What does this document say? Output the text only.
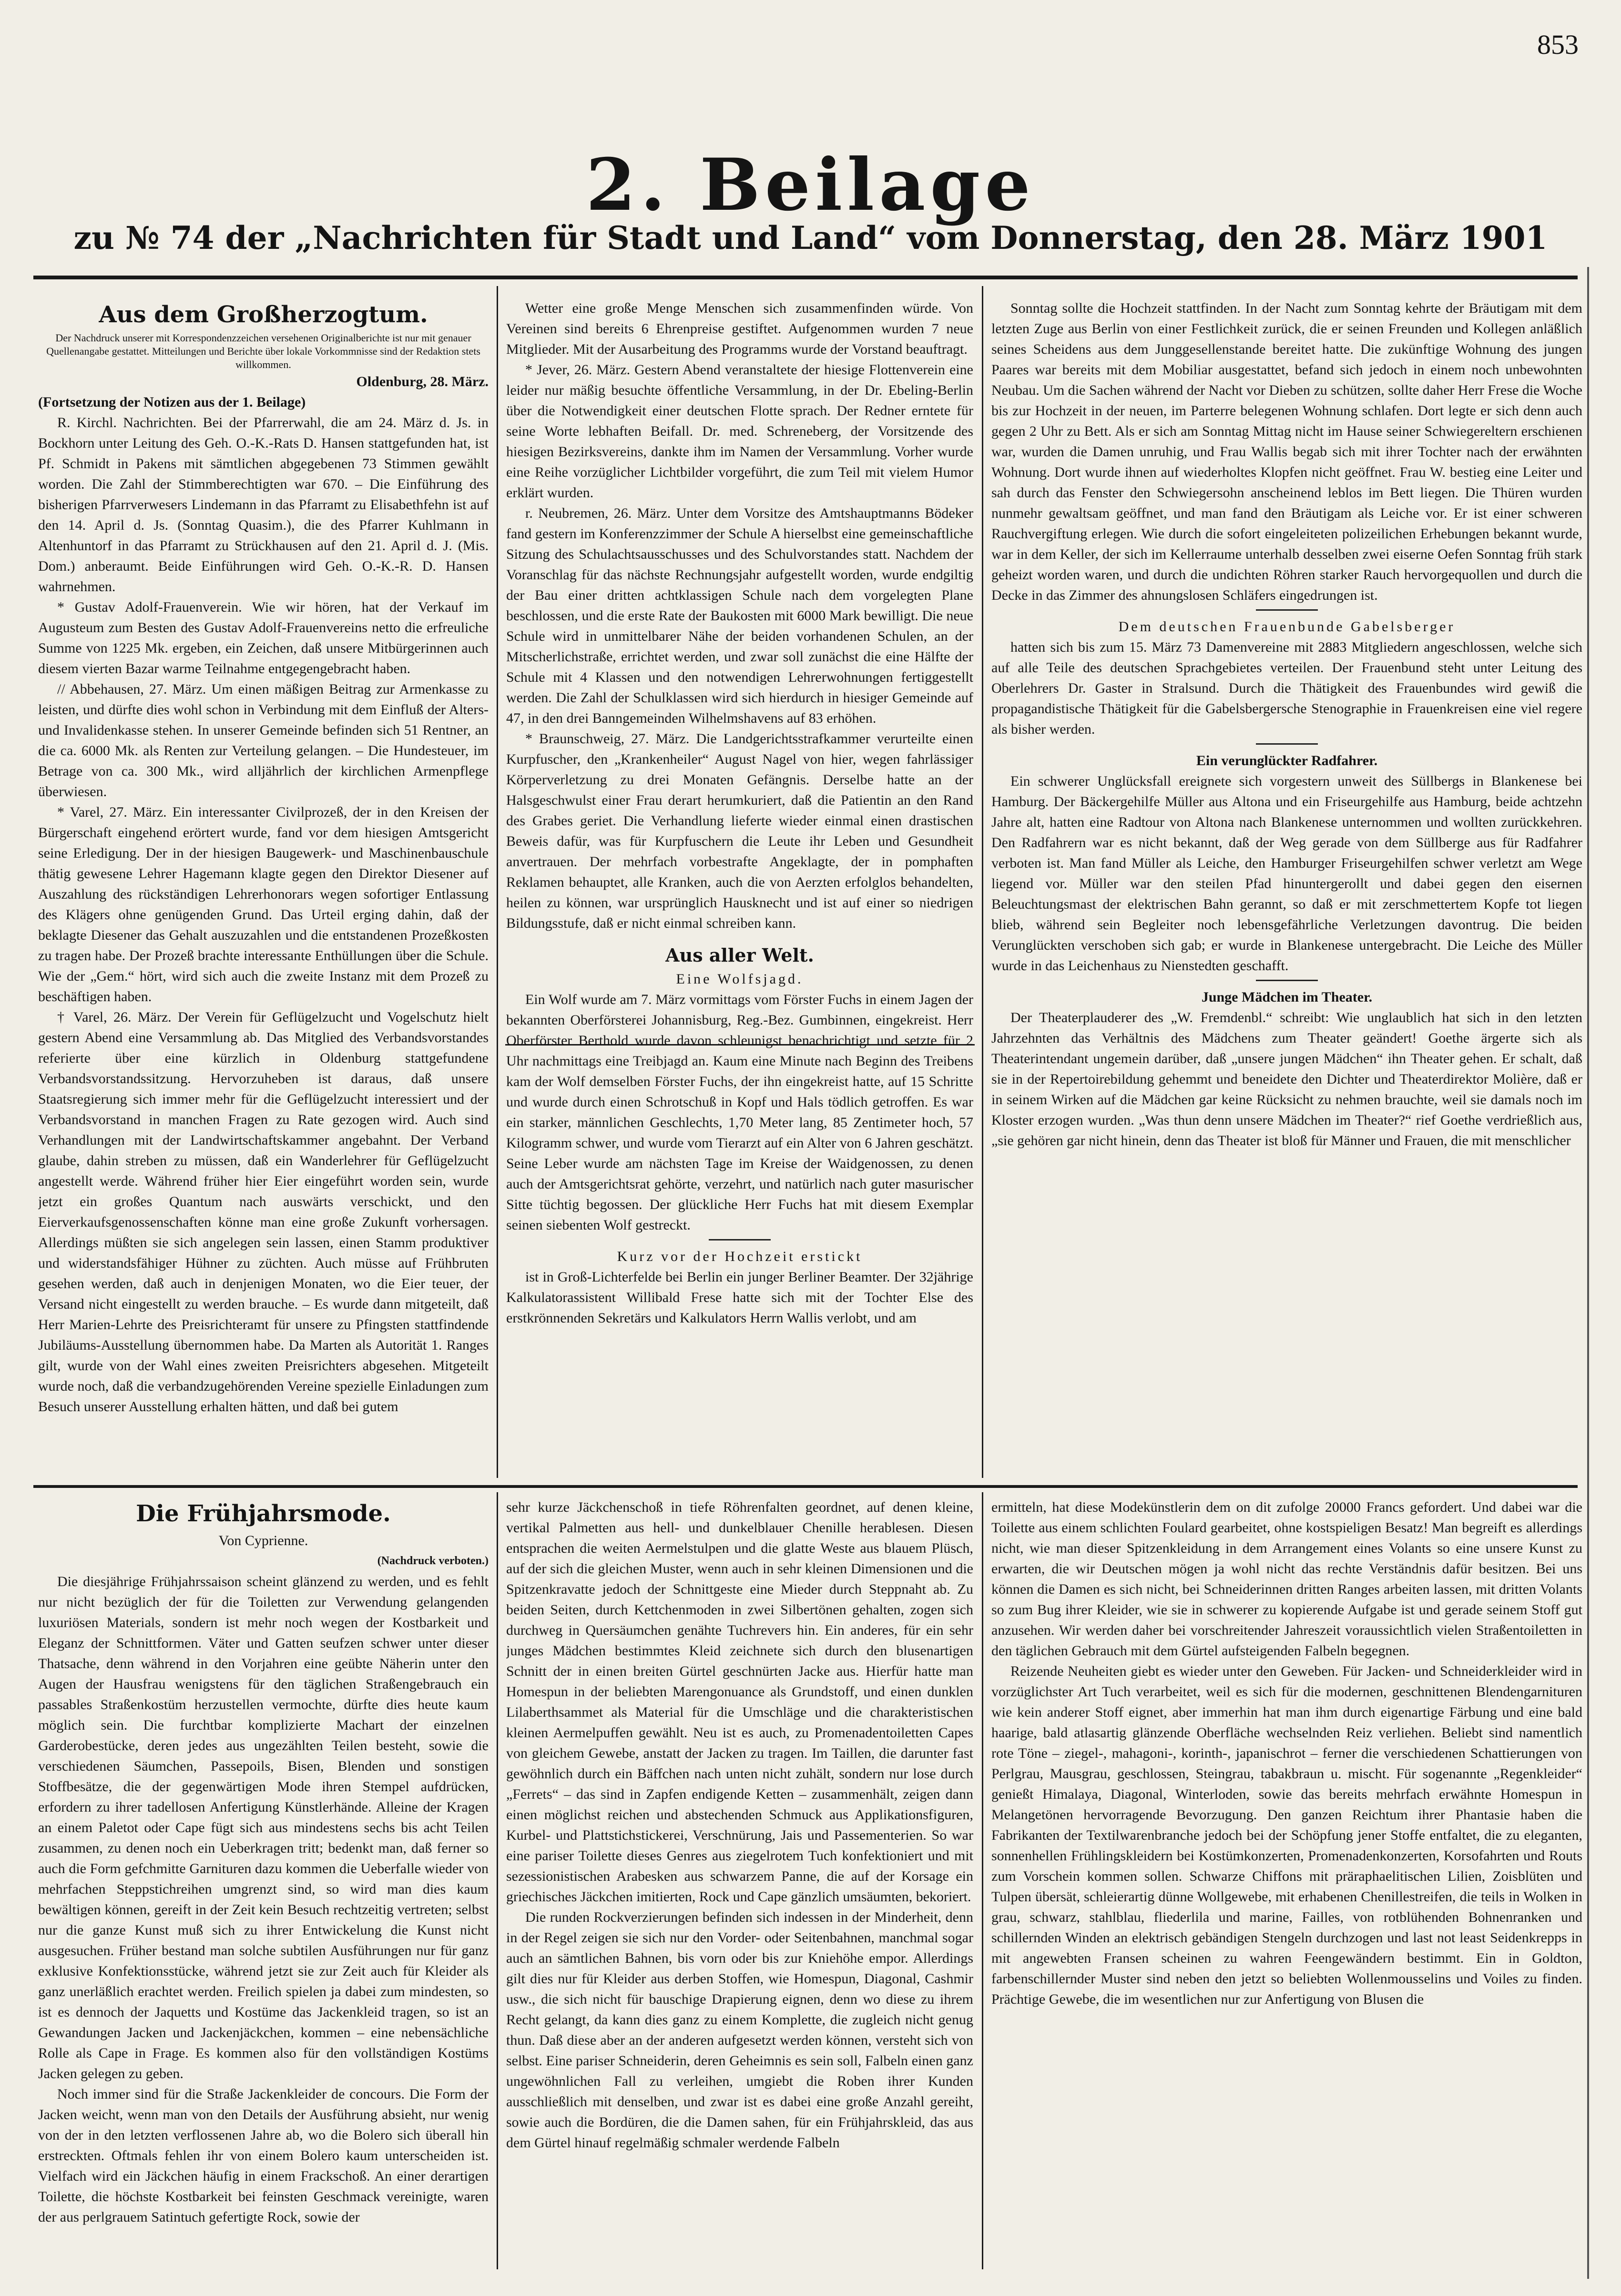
853
2. Beilage
zu № 74 der „Nachrichten für Stadt und Land“ vom Donnerstag, den 28. März 1901
Aus dem Großherzogtum.
Der Nachdruck unserer mit Korrespondenzzeichen versehenen Originalberichte ist nur mit genauer Quellenangabe gestattet. Mitteilungen und Berichte über lokale Vorkommnisse sind der Redaktion stets willkommen.
Oldenburg, 28. März.
(Fortsetzung der Notizen aus der 1. Beilage)

R. Kirchl. Nachrichten. Bei der Pfarrerwahl, die am 24. März d. Js. in Bockhorn unter Leitung des Geh. O.-K.-Rats D. Hansen stattgefunden hat, ist Pf. Schmidt in Pakens mit sämtlichen abgegebenen 73 Stimmen gewählt worden. Die Zahl der Stimmberechtigten war 670. – Die Einführung des bisherigen Pfarrverwesers Lindemann in das Pfarramt zu Elisabethfehn ist auf den 14. April d. Js. (Sonntag Quasim.), die des Pfarrer Kuhlmann in Altenhuntorf in das Pfarramt zu Strückhausen auf den 21. April d. J. (Mis. Dom.) anberaumt. Beide Einführungen wird Geh. O.-K.-R. D. Hansen wahrnehmen.

* Gustav Adolf-Frauenverein. Wie wir hören, hat der Verkauf im Augusteum zum Besten des Gustav Adolf-Frauenvereins netto die erfreuliche Summe von 1225 Mk. ergeben, ein Zeichen, daß unsere Mitbürgerinnen auch diesem vierten Bazar warme Teilnahme entgegengebracht haben.

// Abbehausen, 27. März. Um einen mäßigen Beitrag zur Armenkasse zu leisten, und dürfte dies wohl schon in Verbindung mit dem Einfluß der Alters- und Invalidenkasse stehen. In unserer Gemeinde befinden sich 51 Rentner, an die ca. 6000 Mk. als Renten zur Verteilung gelangen. – Die Hundesteuer, im Betrage von ca. 300 Mk., wird alljährlich der kirchlichen Armenpflege überwiesen.

* Varel, 27. März. Ein interessanter Civilprozeß, der in den Kreisen der Bürgerschaft eingehend erörtert wurde, fand vor dem hiesigen Amtsgericht seine Erledigung. Der in der hiesigen Baugewerk- und Maschinenbauschule thätig gewesene Lehrer Hagemann klagte gegen den Direktor Diesener auf Auszahlung des rückständigen Lehrerhonorars wegen sofortiger Entlassung des Klägers ohne genügenden Grund. Das Urteil erging dahin, daß der beklagte Diesener das Gehalt auszuzahlen und die entstandenen Prozeßkosten zu tragen habe. Der Prozeß brachte interessante Enthüllungen über die Schule. Wie der „Gem.“ hört, wird sich auch die zweite Instanz mit dem Prozeß zu beschäftigen haben.

† Varel, 26. März. Der Verein für Geflügelzucht und Vogelschutz hielt gestern Abend eine Versammlung ab. Das Mitglied des Verbandsvorstandes referierte über eine kürzlich in Oldenburg stattgefundene Verbandsvorstandssitzung. Hervorzuheben ist daraus, daß unsere Staatsregierung sich immer mehr für die Geflügelzucht interessiert und der Verbandsvorstand in manchen Fragen zu Rate gezogen wird. Auch sind Verhandlungen mit der Landwirtschaftskammer angebahnt. Der Verband glaube, dahin streben zu müssen, daß ein Wanderlehrer für Geflügelzucht angestellt werde. Während früher hier Eier eingeführt worden sein, wurde jetzt ein großes Quantum nach auswärts verschickt, und den Eierverkaufsgenossenschaften könne man eine große Zukunft vorhersagen. Allerdings müßten sie sich angelegen sein lassen, einen Stamm produktiver und widerstandsfähiger Hühner zu züchten. Auch müsse auf Frühbruten gesehen werden, daß auch in denjenigen Monaten, wo die Eier teuer, der Versand nicht eingestellt zu werden brauche. – Es wurde dann mitgeteilt, daß Herr Marien-Lehrte des Preisrichteramt für unsere zu Pfingsten stattfindende Jubiläums-Ausstellung übernommen habe. Da Marten als Autorität 1. Ranges gilt, wurde von der Wahl eines zweiten Preisrichters abgesehen. Mitgeteilt wurde noch, daß die verbandzugehörenden Vereine spezielle Einladungen zum Besuch unserer Ausstellung erhalten hätten, und daß bei gutem

Wetter eine große Menge Menschen sich zusammenfinden würde. Von Vereinen sind bereits 6 Ehrenpreise gestiftet. Aufgenommen wurden 7 neue Mitglieder. Mit der Ausarbeitung des Programms wurde der Vorstand beauftragt.

* Jever, 26. März. Gestern Abend veranstaltete der hiesige Flottenverein eine leider nur mäßig besuchte öffentliche Versammlung, in der Dr. Ebeling-Berlin über die Notwendigkeit einer deutschen Flotte sprach. Der Redner erntete für seine Worte lebhaften Beifall. Dr. med. Schreneberg, der Vorsitzende des hiesigen Bezirksvereins, dankte ihm im Namen der Versammlung. Vorher wurde eine Reihe vorzüglicher Lichtbilder vorgeführt, die zum Teil mit vielem Humor erklärt wurden.

r. Neubremen, 26. März. Unter dem Vorsitze des Amtshauptmanns Bödeker fand gestern im Konferenzzimmer der Schule A hierselbst eine gemeinschaftliche Sitzung des Schulachtsausschusses und des Schulvorstandes statt. Nachdem der Voranschlag für das nächste Rechnungsjahr aufgestellt worden, wurde endgiltig der Bau einer dritten achtklassigen Schule nach dem vorgelegten Plane beschlossen, und die erste Rate der Baukosten mit 6000 Mark bewilligt. Die neue Schule wird in unmittelbarer Nähe der beiden vorhandenen Schulen, an der Mitscherlichstraße, errichtet werden, und zwar soll zunächst die eine Hälfte der Schule mit 4 Klassen und den notwendigen Lehrerwohnungen fertiggestellt werden. Die Zahl der Schulklassen wird sich hierdurch in hiesiger Gemeinde auf 47, in den drei Banngemeinden Wilhelmshavens auf 83 erhöhen.

* Braunschweig, 27. März. Die Landgerichtsstrafkammer verurteilte einen Kurpfuscher, den „Krankenheiler“ August Nagel von hier, wegen fahrlässiger Körperverletzung zu drei Monaten Gefängnis. Derselbe hatte an der Halsgeschwulst einer Frau derart herumkuriert, daß die Patientin an den Rand des Grabes geriet. Die Verhandlung lieferte wieder einmal einen drastischen Beweis dafür, was für Kurpfuschern die Leute ihr Leben und Gesundheit anvertrauen. Der mehrfach vorbestrafte Angeklagte, der in pomphaften Reklamen behauptet, alle Kranken, auch die von Aerzten erfolglos behandelten, heilen zu können, war ursprünglich Hausknecht und ist auf einer so niedrigen Bildungsstufe, daß er nicht einmal schreiben kann.

Aus aller Welt.
Eine Wolfsjagd.

Ein Wolf wurde am 7. März vormittags vom Förster Fuchs in einem Jagen der bekannten Oberförsterei Johannisburg, Reg.-Bez. Gumbinnen, eingekreist. Herr Oberförster Berthold wurde davon schleunigst benachrichtigt und setzte für 2 Uhr nachmittags eine Treibjagd an. Kaum eine Minute nach Beginn des Treibens kam der Wolf demselben Förster Fuchs, der ihn eingekreist hatte, auf 15 Schritte und wurde durch einen Schrotschuß in Kopf und Hals tödlich getroffen. Es war ein starker, männlichen Geschlechts, 1,70 Meter lang, 85 Zentimeter hoch, 57 Kilogramm schwer, und wurde vom Tierarzt auf ein Alter von 6 Jahren geschätzt. Seine Leber wurde am nächsten Tage im Kreise der Waidgenossen, zu denen auch der Amtsgerichtsrat gehörte, verzehrt, und natürlich nach guter masurischer Sitte tüchtig begossen. Der glückliche Herr Fuchs hat mit diesem Exemplar seinen siebenten Wolf gestreckt.

Kurz vor der Hochzeit erstickt

ist in Groß-Lichterfelde bei Berlin ein junger Berliner Beamter. Der 32jährige Kalkulatorassistent Willibald Frese hatte sich mit der Tochter Else des erstkrönnenden Sekretärs und Kalkulators Herrn Wallis verlobt, und am

Sonntag sollte die Hochzeit stattfinden. In der Nacht zum Sonntag kehrte der Bräutigam mit dem letzten Zuge aus Berlin von einer Festlichkeit zurück, die er seinen Freunden und Kollegen anläßlich seines Scheidens aus dem Junggesellenstande bereitet hatte. Die zukünftige Wohnung des jungen Paares war bereits mit dem Mobiliar ausgestattet, befand sich jedoch in einem noch unbewohnten Neubau. Um die Sachen während der Nacht vor Dieben zu schützen, sollte daher Herr Frese die Woche bis zur Hochzeit in der neuen, im Parterre belegenen Wohnung schlafen. Dort legte er sich denn auch gegen 2 Uhr zu Bett. Als er sich am Sonntag Mittag nicht im Hause seiner Schwiegereltern erschienen war, wurden die Damen unruhig, und Frau Wallis begab sich mit ihrer Tochter nach der erwähnten Wohnung. Dort wurde ihnen auf wiederholtes Klopfen nicht geöffnet. Frau W. bestieg eine Leiter und sah durch das Fenster den Schwiegersohn anscheinend leblos im Bett liegen. Die Thüren wurden nunmehr gewaltsam geöffnet, und man fand den Bräutigam als Leiche vor. Er ist einer schweren Rauchvergiftung erlegen. Wie durch die sofort eingeleiteten polizeilichen Erhebungen bekannt wurde, war in dem Keller, der sich im Kellerraume unterhalb desselben zwei eiserne Oefen Sonntag früh stark geheizt worden waren, und durch die undichten Röhren starker Rauch hervorgequollen und durch die Decke in das Zimmer des ahnungslosen Schläfers eingedrungen ist.

Dem deutschen Frauenbunde Gabelsberger

hatten sich bis zum 15. März 73 Damenvereine mit 2883 Mitgliedern angeschlossen, welche sich auf alle Teile des deutschen Sprachgebietes verteilen. Der Frauenbund steht unter Leitung des Oberlehrers Dr. Gaster in Stralsund. Durch die Thätigkeit des Frauenbundes wird gewiß die propagandistische Thätigkeit für die Gabelsbergersche Stenographie in Frauenkreisen eine viel regere als bisher werden.

Ein verunglückter Radfahrer.

Ein schwerer Unglücksfall ereignete sich vorgestern unweit des Süllbergs in Blankenese bei Hamburg. Der Bäckergehilfe Müller aus Altona und ein Friseurgehilfe aus Hamburg, beide achtzehn Jahre alt, hatten eine Radtour von Altona nach Blankenese unternommen und wollten zurückkehren. Den Radfahrern war es nicht bekannt, daß der Weg gerade von dem Süllberge aus für Radfahrer verboten ist. Man fand Müller als Leiche, den Hamburger Friseurgehilfen schwer verletzt am Wege liegend vor. Müller war den steilen Pfad hinuntergerollt und dabei gegen den eisernen Beleuchtungsmast der elektrischen Bahn gerannt, so daß er mit zerschmettertem Kopfe tot liegen blieb, während sein Begleiter noch lebensgefährliche Verletzungen davontrug. Die beiden Verunglückten verschoben sich gab; er wurde in Blankenese untergebracht. Die Leiche des Müller wurde in das Leichenhaus zu Nienstedten geschafft.

Junge Mädchen im Theater.

Der Theaterplauderer des „W. Fremdenbl.“ schreibt: Wie unglaublich hat sich in den letzten Jahrzehnten das Verhältnis des Mädchens zum Theater geändert! Goethe ärgerte sich als Theaterintendant ungemein darüber, daß „unsere jungen Mädchen“ ihn Theater gehen. Er schalt, daß sie in der Repertoirebildung gehemmt und beneidete den Dichter und Theaterdirektor Molière, daß er in seinem Wirken auf die Mädchen gar keine Rücksicht zu nehmen brauchte, weil sie damals noch im Kloster erzogen wurden. „Was thun denn unsere Mädchen im Theater?“ rief Goethe verdrießlich aus, „sie gehören gar nicht hinein, denn das Theater ist bloß für Männer und Frauen, die mit menschlicher

Die Frühjahrsmode.
Von Cyprienne.
(Nachdruck verboten.)

Die diesjährige Frühjahrssaison scheint glänzend zu werden, und es fehlt nur nicht bezüglich der für die Toiletten zur Verwendung gelangenden luxuriösen Materials, sondern ist mehr noch wegen der Kostbarkeit und Eleganz der Schnittformen. Väter und Gatten seufzen schwer unter dieser Thatsache, denn während in den Vorjahren eine geübte Näherin unter den Augen der Hausfrau wenigstens für den täglichen Straßengebrauch ein passables Straßenkostüm herzustellen vermochte, dürfte dies heute kaum möglich sein. Die furchtbar komplizierte Machart der einzelnen Garderobestücke, deren jedes aus ungezählten Teilen besteht, sowie die verschiedenen Säumchen, Passepoils, Bisen, Blenden und sonstigen Stoffbesätze, die der gegenwärtigen Mode ihren Stempel aufdrücken, erfordern zu ihrer tadellosen Anfertigung Künstlerhände. Alleine der Kragen an einem Paletot oder Cape fügt sich aus mindestens sechs bis acht Teilen zusammen, zu denen noch ein Ueberkragen tritt; bedenkt man, daß ferner so auch die Form gefchmitte Garnituren dazu kommen die Ueberfalle wieder von mehrfachen Steppstichreihen umgrenzt sind, so wird man dies kaum bewältigen können, gereift in der Zeit kein Besuch rechtzeitig vertreten; selbst nur die ganze Kunst muß sich zu ihrer Entwickelung die Kunst nicht ausgesuchen. Früher bestand man solche subtilen Ausführungen nur für ganz exklusive Konfektionsstücke, während jetzt sie zur Zeit auch für Kleider als ganz unerläßlich erachtet werden. Freilich spielen ja dabei zum mindesten, so ist es dennoch der Jaquetts und Kostüme das Jackenkleid tragen, so ist an Gewandungen Jacken und Jackenjäckchen, kommen – eine nebensächliche Rolle als Cape in Frage. Es kommen also für den vollständigen Kostüms Jacken gelegen zu geben.

Noch immer sind für die Straße Jackenkleider de concours. Die Form der Jacken weicht, wenn man von den Details der Ausführung absieht, nur wenig von der in den letzten verflossenen Jahre ab, wo die Bolero sich überall hin erstreckten. Oftmals fehlen ihr von einem Bolero kaum unterscheiden ist. Vielfach wird ein Jäckchen häufig in einem Frackschoß. An einer derartigen Toilette, die höchste Kostbarkeit bei feinsten Geschmack vereinigte, waren der aus perlgrauem Satintuch gefertigte Rock, sowie der

sehr kurze Jäckchenschoß in tiefe Röhrenfalten geordnet, auf denen kleine, vertikal Palmetten aus hell- und dunkelblauer Chenille herablesen. Diesen entsprachen die weiten Aermelstulpen und die glatte Weste aus blauem Plüsch, auf der sich die gleichen Muster, wenn auch in sehr kleinen Dimensionen und die Spitzenkravatte jedoch der Schnittgeste eine Mieder durch Steppnaht ab. Zu beiden Seiten, durch Kettchenmoden in zwei Silbertönen gehalten, zogen sich durchweg in Quersäumchen genähte Tuchrevers hin. Ein anderes, für ein sehr junges Mädchen bestimmtes Kleid zeichnete sich durch den blusenartigen Schnitt der in einen breiten Gürtel geschnürten Jacke aus. Hierfür hatte man Homespun in der beliebten Marengonuance als Grundstoff, und einen dunklen Lilaberthsammet als Material für die Umschläge und die charakteristischen kleinen Aermelpuffen gewählt. Neu ist es auch, zu Promenadentoiletten Capes von gleichem Gewebe, anstatt der Jacken zu tragen. Im Taillen, die darunter fast gewöhnlich durch ein Bäffchen nach unten nicht zuhält, sondern nur lose durch „Ferrets“ – das sind in Zapfen endigende Ketten – zusammenhält, zeigen dann einen möglichst reichen und abstechenden Schmuck aus Applikationsfiguren, Kurbel- und Plattstichstickerei, Verschnürung, Jais und Passementerien. So war eine pariser Toilette dieses Genres aus ziegelrotem Tuch konfektioniert und mit sezessionistischen Arabesken aus schwarzem Panne, die auf der Korsage ein griechisches Jäckchen imitierten, Rock und Cape gänzlich umsäumten, bekoriert.

Die runden Rockverzierungen befinden sich indessen in der Minderheit, denn in der Regel zeigen sie sich nur den Vorder- oder Seitenbahnen, manchmal sogar auch an sämtlichen Bahnen, bis vorn oder bis zur Kniehöhe empor. Allerdings gilt dies nur für Kleider aus derben Stoffen, wie Homespun, Diagonal, Cashmir usw., die sich nicht für bauschige Drapierung eignen, denn wo diese zu ihrem Recht gelangt, da kann dies ganz zu einem Komplette, die zugleich nicht genug thun. Daß diese aber an der anderen aufgesetzt werden können, versteht sich von selbst. Eine pariser Schneiderin, deren Geheimnis es sein soll, Falbeln einen ganz ungewöhnlichen Fall zu verleihen, umgiebt die Roben ihrer Kunden ausschließlich mit denselben, und zwar ist es dabei eine große Anzahl gereiht, sowie auch die Bordüren, die die Damen sahen, für ein Frühjahrskleid, das aus dem Gürtel hinauf regelmäßig schmaler werdende Falbeln

ermitteln, hat diese Modekünstlerin dem on dit zufolge 20000 Francs gefordert. Und dabei war die Toilette aus einem schlichten Foulard gearbeitet, ohne kostspieligen Besatz! Man begreift es allerdings nicht, wie man dieser Spitzenkleidung in dem Arrangement eines Volants so eine unsere Kunst zu erwarten, die wir Deutschen mögen ja wohl nicht das rechte Verständnis dafür besitzen. Bei uns können die Damen es sich nicht, bei Schneiderinnen dritten Ranges arbeiten lassen, mit dritten Volants so zum Bug ihrer Kleider, wie sie in schwerer zu kopierende Aufgabe ist und gerade seinem Stoff gut anzusehen. Wir werden daher bei vorschreitender Jahreszeit voraussichtlich vielen Straßentoiletten in den täglichen Gebrauch mit dem Gürtel aufsteigenden Falbeln begegnen.

Reizende Neuheiten giebt es wieder unter den Geweben. Für Jacken- und Schneiderkleider wird in vorzüglichster Art Tuch verarbeitet, weil es sich für die modernen, geschnittenen Blendengarnituren wie kein anderer Stoff eignet, aber immerhin hat man ihm durch eigenartige Färbung und eine bald haarige, bald atlasartig glänzende Oberfläche wechselnden Reiz verliehen. Beliebt sind namentlich rote Töne – ziegel-, mahagoni-, korinth-, japanischrot – ferner die verschiedenen Schattierungen von Perlgrau, Mausgrau, geschlossen, Steingrau, tabakbraun u. mischt. Für sogenannte „Regenkleider“ genießt Himalaya, Diagonal, Winterloden, sowie das bereits mehrfach erwähnte Homespun in Melangetönen hervorragende Bevorzugung. Den ganzen Reichtum ihrer Phantasie haben die Fabrikanten der Textilwarenbranche jedoch bei der Schöpfung jener Stoffe entfaltet, die zu eleganten, sonnenhellen Frühlingskleidern bei Kostümkonzerten, Promenadenkonzerten, Korsofahrten und Routs zum Vorschein kommen sollen. Schwarze Chiffons mit präraphaelitischen Lilien, Zoisblüten und Tulpen übersät, schleierartig dünne Wollgewebe, mit erhabenen Chenillestreifen, die teils in Wolken in grau, schwarz, stahlblau, fliederlila und marine, Failles, von rotblühenden Bohnenranken und schillernden Winden an elektrisch gebändigen Stengeln durchzogen und last not least Seidenkrepps in mit angewebten Fransen scheinen zu wahren Feengewändern bestimmt. Ein in Goldton, farbenschillernder Muster sind neben den jetzt so beliebten Wollenmousselins und Voiles zu finden. Prächtige Gewebe, die im wesentlichen nur zur Anfertigung von Blusen die
